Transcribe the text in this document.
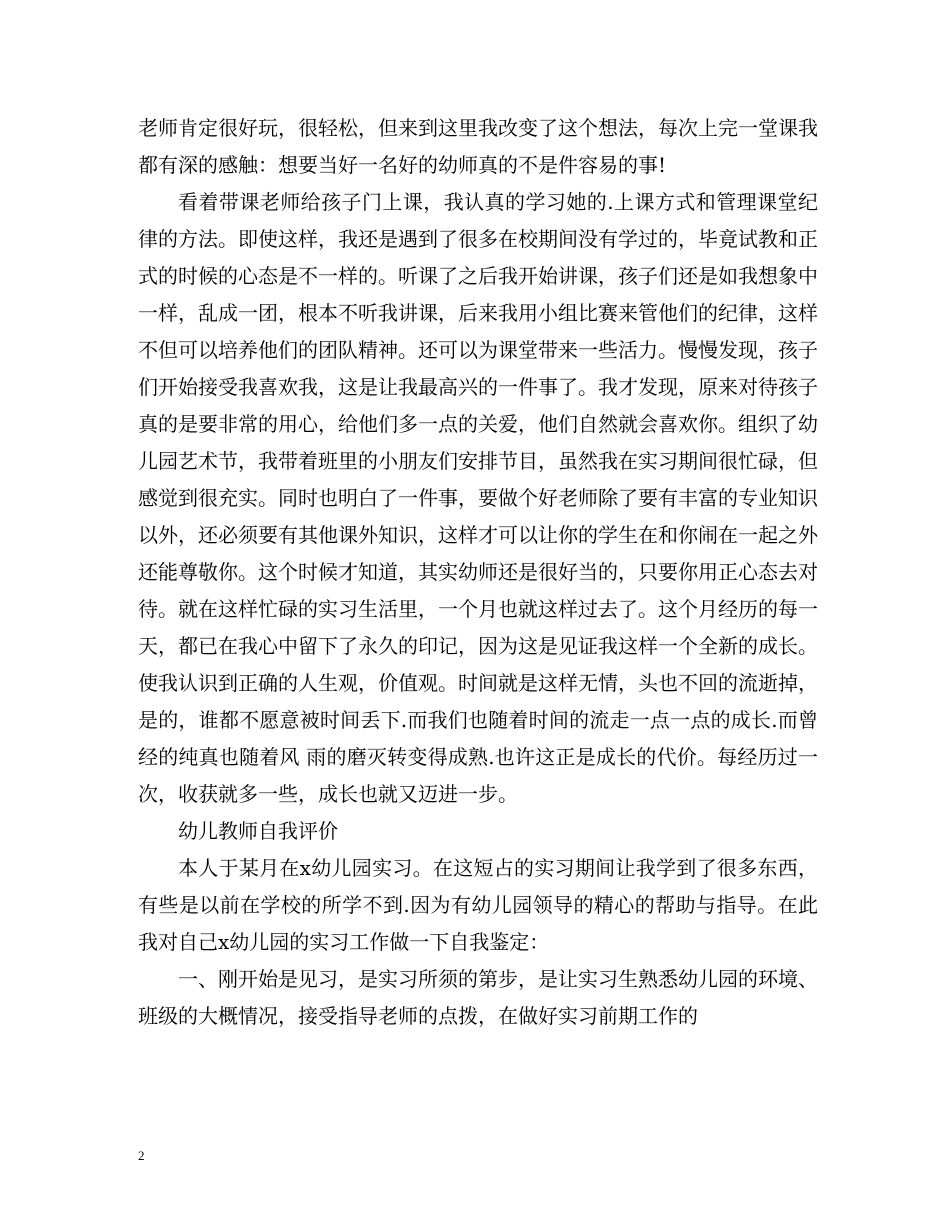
老师肯定很好玩，很轻松，但来到这里我改变了这个想法，每次上完一堂课我都有深的感触：想要当好一名好的幼师真的不是件容易的事!

看着带课老师给孩子门上课，我认真的学习她的.上课方式和管理课堂纪律的方法。即使这样，我还是遇到了很多在校期间没有学过的，毕竟试教和正式的时候的心态是不一样的。听课了之后我开始讲课，孩子们还是如我想象中一样，乱成一团，根本不听我讲课，后来我用小组比赛来管他们的纪律，这样不但可以培养他们的团队精神。还可以为课堂带来一些活力。慢慢发现，孩子们开始接受我喜欢我，这是让我最高兴的一件事了。我才发现，原来对待孩子真的是要非常的用心，给他们多一点的关爱，他们自然就会喜欢你。组织了幼儿园艺术节，我带着班里的小朋友们安排节目，虽然我在实习期间很忙碌，但感觉到很充实。同时也明白了一件事，要做个好老师除了要有丰富的专业知识以外，还必须要有其他课外知识，这样才可以让你的学生在和你闹在一起之外还能尊敬你。这个时候才知道，其实幼师还是很好当的，只要你用正心态去对待。就在这样忙碌的实习生活里，一个月也就这样过去了。这个月经历的每一天，都已在我心中留下了永久的印记，因为这是见证我这样一个全新的成长。使我认识到正确的人生观，价值观。时间就是这样无情，头也不回的流逝掉，是的，谁都不愿意被时间丢下.而我们也随着时间的流走一点一点的成长.而曾经的纯真也随着风 雨的磨灭转变得成熟.也许这正是成长的代价。每经历过一次，收获就多一些，成长也就又迈进一步。

幼儿教师自我评价

本人于某月在x幼儿园实习。在这短占的实习期间让我学到了很多东西，有些是以前在学校的所学不到.因为有幼儿园领导的精心的帮助与指导。在此我对自己x幼儿园的实习工作做一下自我鉴定：

一、刚开始是见习，是实习所须的第步，是让实习生熟悉幼儿园的环境、班级的大概情况，接受指导老师的点拨，在做好实习前期工作的

2
